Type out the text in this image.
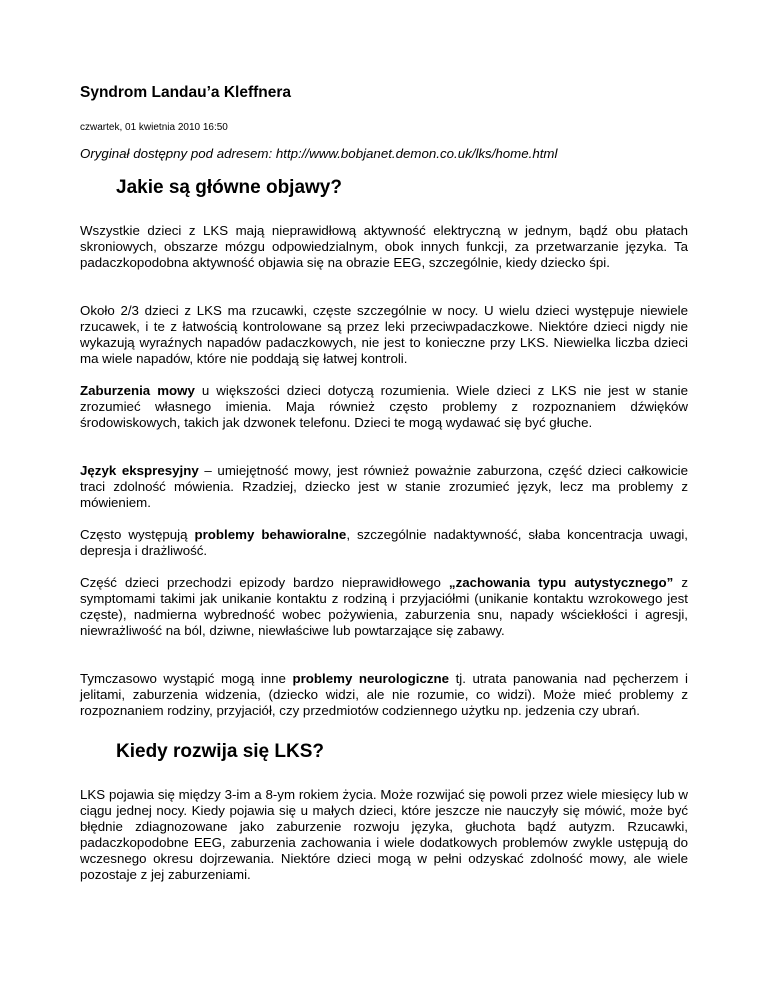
Syndrom Landau’a Kleffnera

czwartek, 01 kwietnia 2010 16:50

Oryginał dostępny pod adresem: http://www.bobjanet.demon.co.uk/lks/home.html

Jakie są główne objawy?

Wszystkie dzieci z LKS mają nieprawidłową aktywność elektryczną w jednym, bądź obu płatach skroniowych, obszarze mózgu odpowiedzialnym, obok innych funkcji, za przetwarzanie języka. Ta padaczkopodobna aktywność objawia się na obrazie EEG, szczególnie, kiedy dziecko śpi.

Około 2/3 dzieci z LKS ma rzucawki, częste szczególnie w nocy. U wielu dzieci występuje niewiele rzucawek, i te z łatwością kontrolowane są przez leki przeciwpadaczkowe. Niektóre dzieci nigdy nie wykazują wyraźnych napadów padaczkowych, nie jest to konieczne przy LKS. Niewielka liczba dzieci ma wiele napadów, które nie poddają się łatwej kontroli.

Zaburzenia mowy u większości dzieci dotyczą rozumienia. Wiele dzieci z LKS nie jest w stanie zrozumieć własnego imienia. Maja również często problemy z rozpoznaniem dźwięków środowiskowych, takich jak dzwonek telefonu. Dzieci te mogą wydawać się być głuche.

Język ekspresyjny – umiejętność mowy, jest również poważnie zaburzona, część dzieci całkowicie traci zdolność mówienia. Rzadziej, dziecko jest w stanie zrozumieć język, lecz ma problemy z mówieniem.

Często występują problemy behawioralne, szczególnie nadaktywność, słaba koncentracja uwagi, depresja i drażliwość.

Część dzieci przechodzi epizody bardzo nieprawidłowego „zachowania typu autystycznego” z symptomami takimi jak unikanie kontaktu z rodziną i przyjaciółmi (unikanie kontaktu wzrokowego jest częste), nadmierna wybredność wobec pożywienia, zaburzenia snu, napady wściekłości i agresji, niewrażliwość na ból, dziwne, niewłaściwe lub powtarzające się zabawy.

Tymczasowo wystąpić mogą inne problemy neurologiczne tj. utrata panowania nad pęcherzem i jelitami, zaburzenia widzenia, (dziecko widzi, ale nie rozumie, co widzi). Może mieć problemy z rozpoznaniem rodziny, przyjaciół, czy przedmiotów codziennego użytku np. jedzenia czy ubrań.

Kiedy rozwija się LKS?

LKS pojawia się między 3-im a 8-ym rokiem życia. Może rozwijać się powoli przez wiele miesięcy lub w ciągu jednej nocy. Kiedy pojawia się u małych dzieci, które jeszcze nie nauczyły się mówić, może być błędnie zdiagnozowane jako zaburzenie rozwoju języka, głuchota bądź autyzm. Rzucawki, padaczkopodobne EEG, zaburzenia zachowania i wiele dodatkowych problemów zwykle ustępują do wczesnego okresu dojrzewania. Niektóre dzieci mogą w pełni odzyskać zdolność mowy, ale wiele pozostaje z jej zaburzeniami.
